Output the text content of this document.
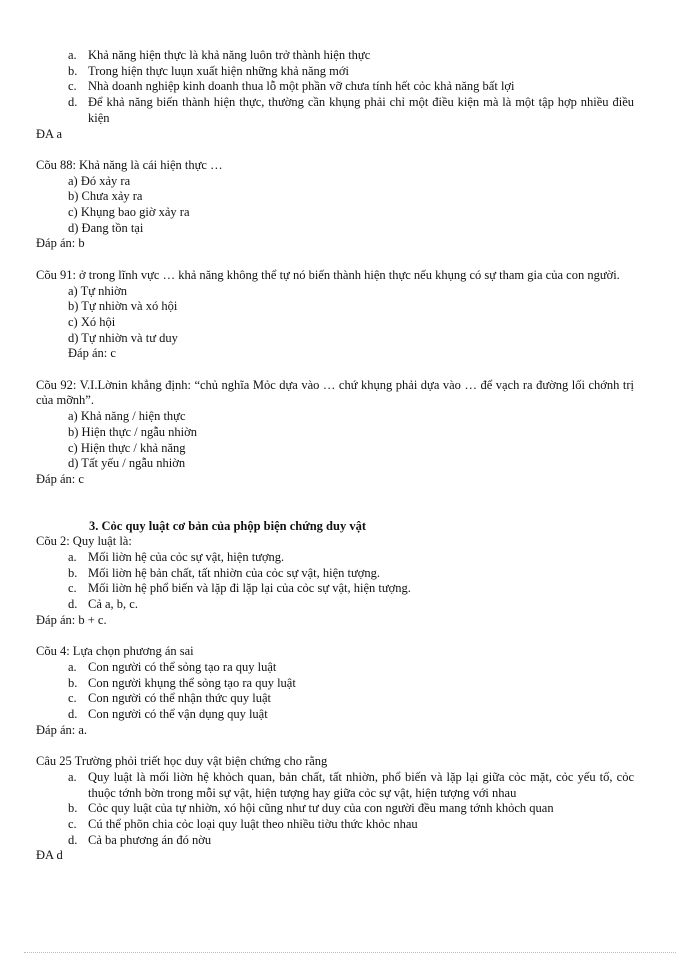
a. Khả năng hiện thực là khả năng luôn trở thành hiện thực
b. Trong hiện thực luụn xuất hiện những khả năng mới
c. Nhà doanh nghiệp kinh doanh thua lỗ một phần vỡ chưa tính hết cỏc khả năng bất lợi
d. Để khả năng biến thành hiện thực, thường cần khụng phải chỉ một điều kiện mà là một tập hợp nhiều điều kiện
ĐA a
Cõu 88: Khả năng là cái hiện thực …
a) Đó xảy ra
b) Chưa xảy ra
c) Khụng bao giờ xảy ra
d) Đang tồn tại
Đáp án: b
Cõu 91: ở trong lĩnh vực … khả năng không thể tự nó biến thành hiện thực nếu khụng có sự tham gia của con người.
a) Tự nhiờn
b) Tự nhiờn và xó hội
c) Xó hội
d) Tự nhiờn và tư duy
Đáp án: c
Cõu 92: V.I.Lờnin khẳng định: “chủ nghĩa Mỏc dựa vào … chứ khụng phải dựa vào … để vạch ra đường lối chớnh trị của mỡnh”.
a) Khả năng / hiện thực
b) Hiện thực / ngẫu nhiờn
c) Hiện thực / khả năng
d) Tất yếu / ngẫu nhiờn
Đáp án: c
3. Cỏc quy luật cơ bản của phộp biện chứng duy vật
Cõu 2: Quy luật là:
a. Mối liờn hệ của cỏc sự vật, hiện tượng.
b. Mối liờn hệ bản chất, tất nhiờn của cỏc sự vật, hiện tượng.
c. Mối liờn hệ phổ biến và lặp đi lặp lại của cỏc sự vật, hiện tượng.
d. Cả a, b, c.
Đáp án: b + c.
Cõu 4: Lựa chọn phương án sai
a. Con người có thể sỏng tạo ra quy luật
b. Con người khụng thể sỏng tạo ra quy luật
c. Con người có thể nhận thức quy luật
d. Con người có thể vận dụng quy luật
Đáp án: a.
Câu 25 Trường phỏi triết học duy vật biện chứng cho rằng
a. Quy luật là mối liờn hệ khỏch quan, bản chất, tất nhiờn, phổ biến và lặp lại giữa cỏc mặt, cỏc yếu tố, cỏc thuộc tớnh bờn trong mỗi sự vật, hiện tượng hay giữa cỏc sự vật, hiện tượng với nhau
b. Cỏc quy luật của tự nhiờn, xó hội cũng như tư duy của con người đều mang tớnh khỏch quan
c. Cú thể phõn chia cỏc loại quy luật theo nhiều tiờu thức khỏc nhau
d. Cả ba phương án đó nờu
ĐA d
